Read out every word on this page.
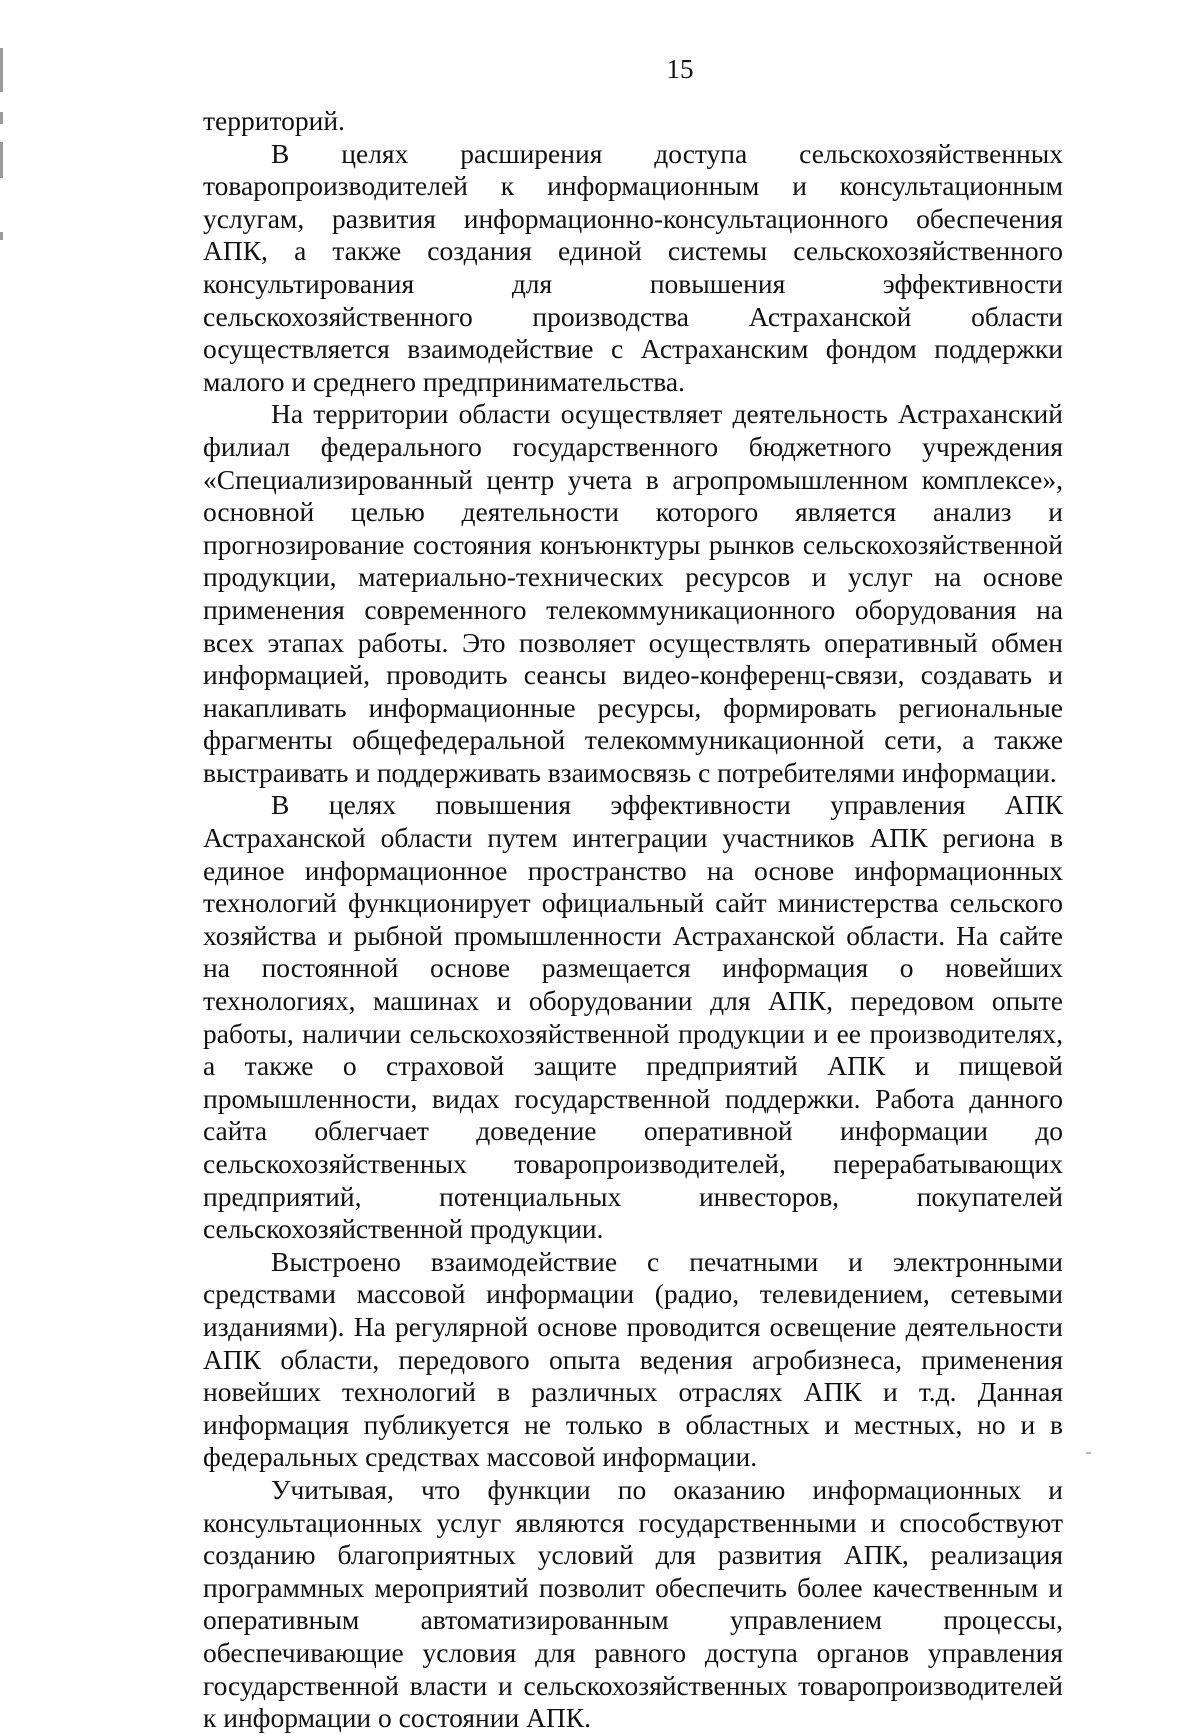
15

территорий.

В целях расширения доступа сельскохозяйственных товаропроизводителей к информационным и консультационным услугам, развития информационно-консультационного обеспечения АПК, а также создания единой системы сельскохозяйственного консультирования для повышения эффективности сельскохозяйственного производства Астраханской области осуществляется взаимодействие с Астраханским фондом поддержки малого и среднего предпринимательства.

На территории области осуществляет деятельность Астраханский филиал федерального государственного бюджетного учреждения «Специализированный центр учета в агропромышленном комплексе», основной целью деятельности которого является анализ и прогнозирование состояния конъюнктуры рынков сельскохозяйственной продукции, материально-технических ресурсов и услуг на основе применения современного телекоммуникационного оборудования на всех этапах работы. Это позволяет осуществлять оперативный обмен информацией, проводить сеансы видео-конференц-связи, создавать и накапливать информационные ресурсы, формировать региональные фрагменты общефедеральной телекоммуникационной сети, а также выстраивать и поддерживать взаимосвязь с потребителями информации.

В целях повышения эффективности управления АПК Астраханской области путем интеграции участников АПК региона в единое информационное пространство на основе информационных технологий функционирует официальный сайт министерства сельского хозяйства и рыбной промышленности Астраханской области. На сайте на постоянной основе размещается информация о новейших технологиях, машинах и оборудовании для АПК, передовом опыте работы, наличии сельскохозяйственной продукции и ее производителях, а также о страховой защите предприятий АПК и пищевой промышленности, видах государственной поддержки. Работа данного сайта облегчает доведение оперативной информации до сельскохозяйственных товаропроизводителей, перерабатывающих предприятий, потенциальных инвесторов, покупателей сельскохозяйственной продукции.

Выстроено взаимодействие с печатными и электронными средствами массовой информации (радио, телевидением, сетевыми изданиями). На регулярной основе проводится освещение деятельности АПК области, передового опыта ведения агробизнеса, применения новейших технологий в различных отраслях АПК и т.д. Данная информация публикуется не только в областных и местных, но и в федеральных средствах массовой информации.

Учитывая, что функции по оказанию информационных и консультационных услуг являются государственными и способствуют созданию благоприятных условий для развития АПК, реализация программных мероприятий позволит обеспечить более качественным и оперативным автоматизированным управлением процессы, обеспечивающие условия для равного доступа органов управления государственной власти и сельскохозяйственных товаропроизводителей к информации о состоянии АПК.
